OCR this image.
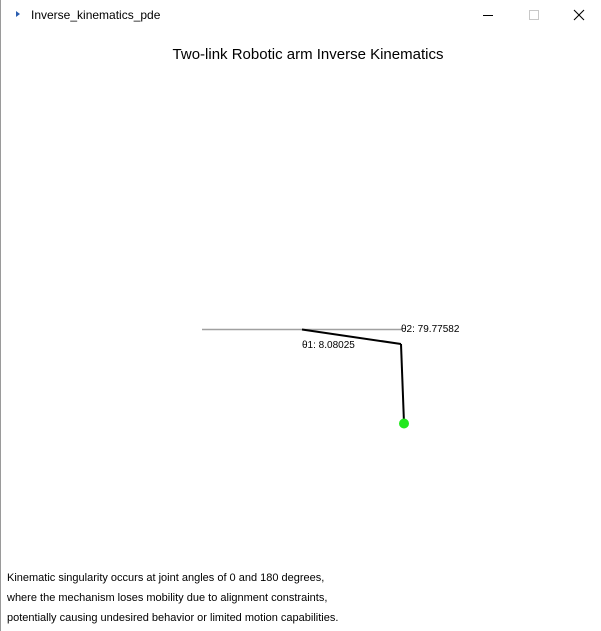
Inverse_kinematics_pde
Two-link Robotic arm Inverse Kinematics
θ1: 8.08025
θ2: 79.77582
Kinematic singularity occurs at joint angles of 0 and 180 degrees,
where the mechanism loses mobility due to alignment constraints,
potentially causing undesired behavior or limited motion capabilities.
